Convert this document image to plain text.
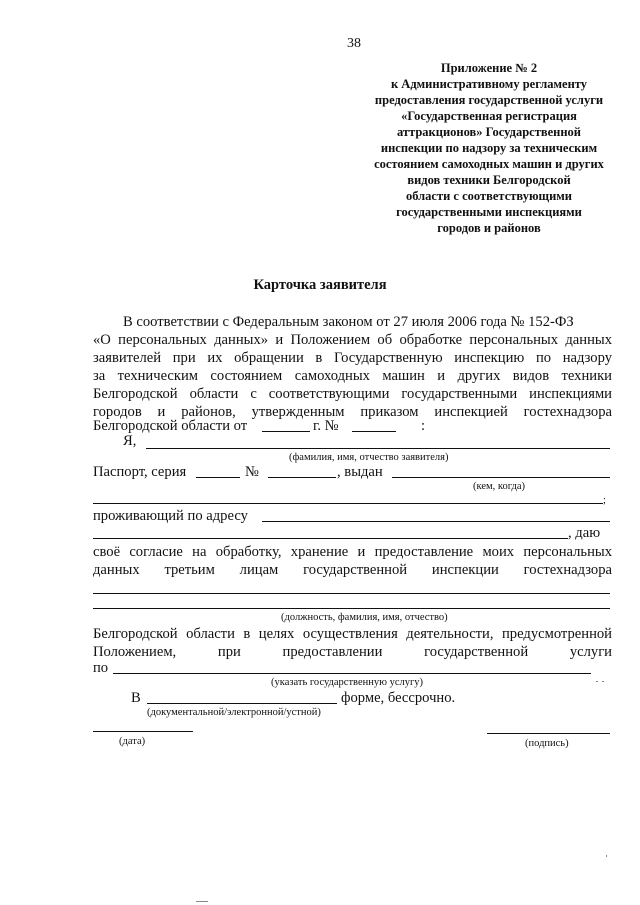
38
Приложение № 2
к Административному регламенту
предоставления государственной услуги
«Государственная регистрация
аттракционов» Государственной
инспекции по надзору за техническим
состоянием самоходных машин и других
видов техники Белгородской
области с соответствующими
государственными инспекциями
городов и районов
Карточка заявителя
В соответствии с Федеральным законом от 27 июля 2006 года № 152-ФЗ
«О персональных данных» и Положением об обработке персональных данных
заявителей при их обращении в Государственную инспекцию по надзору
за техническим состоянием самоходных машин и других видов техники
Белгородской области с соответствующими государственными инспекциями
городов и районов, утвержденным приказом инспекцией гостехнадзора
Белгородской области от	г. №	:
Я,
(фамилия, имя, отчество заявителя)
Паспорт, серия	№	, выдан
(кем, когда)
;
проживающий по адресу
, даю
своё согласие на обработку, хранение и предоставление моих персональных
данных третьим лицам государственной инспекции гостехнадзора
(должность, фамилия, имя, отчество)
Белгородской области в целях осуществления деятельности, предусмотренной
Положением, при предоставлении государственной услуги
по
(указать государственную услугу)
В	форме, бессрочно.
(документальной/электронной/устной)
(дата)	(подпись)
